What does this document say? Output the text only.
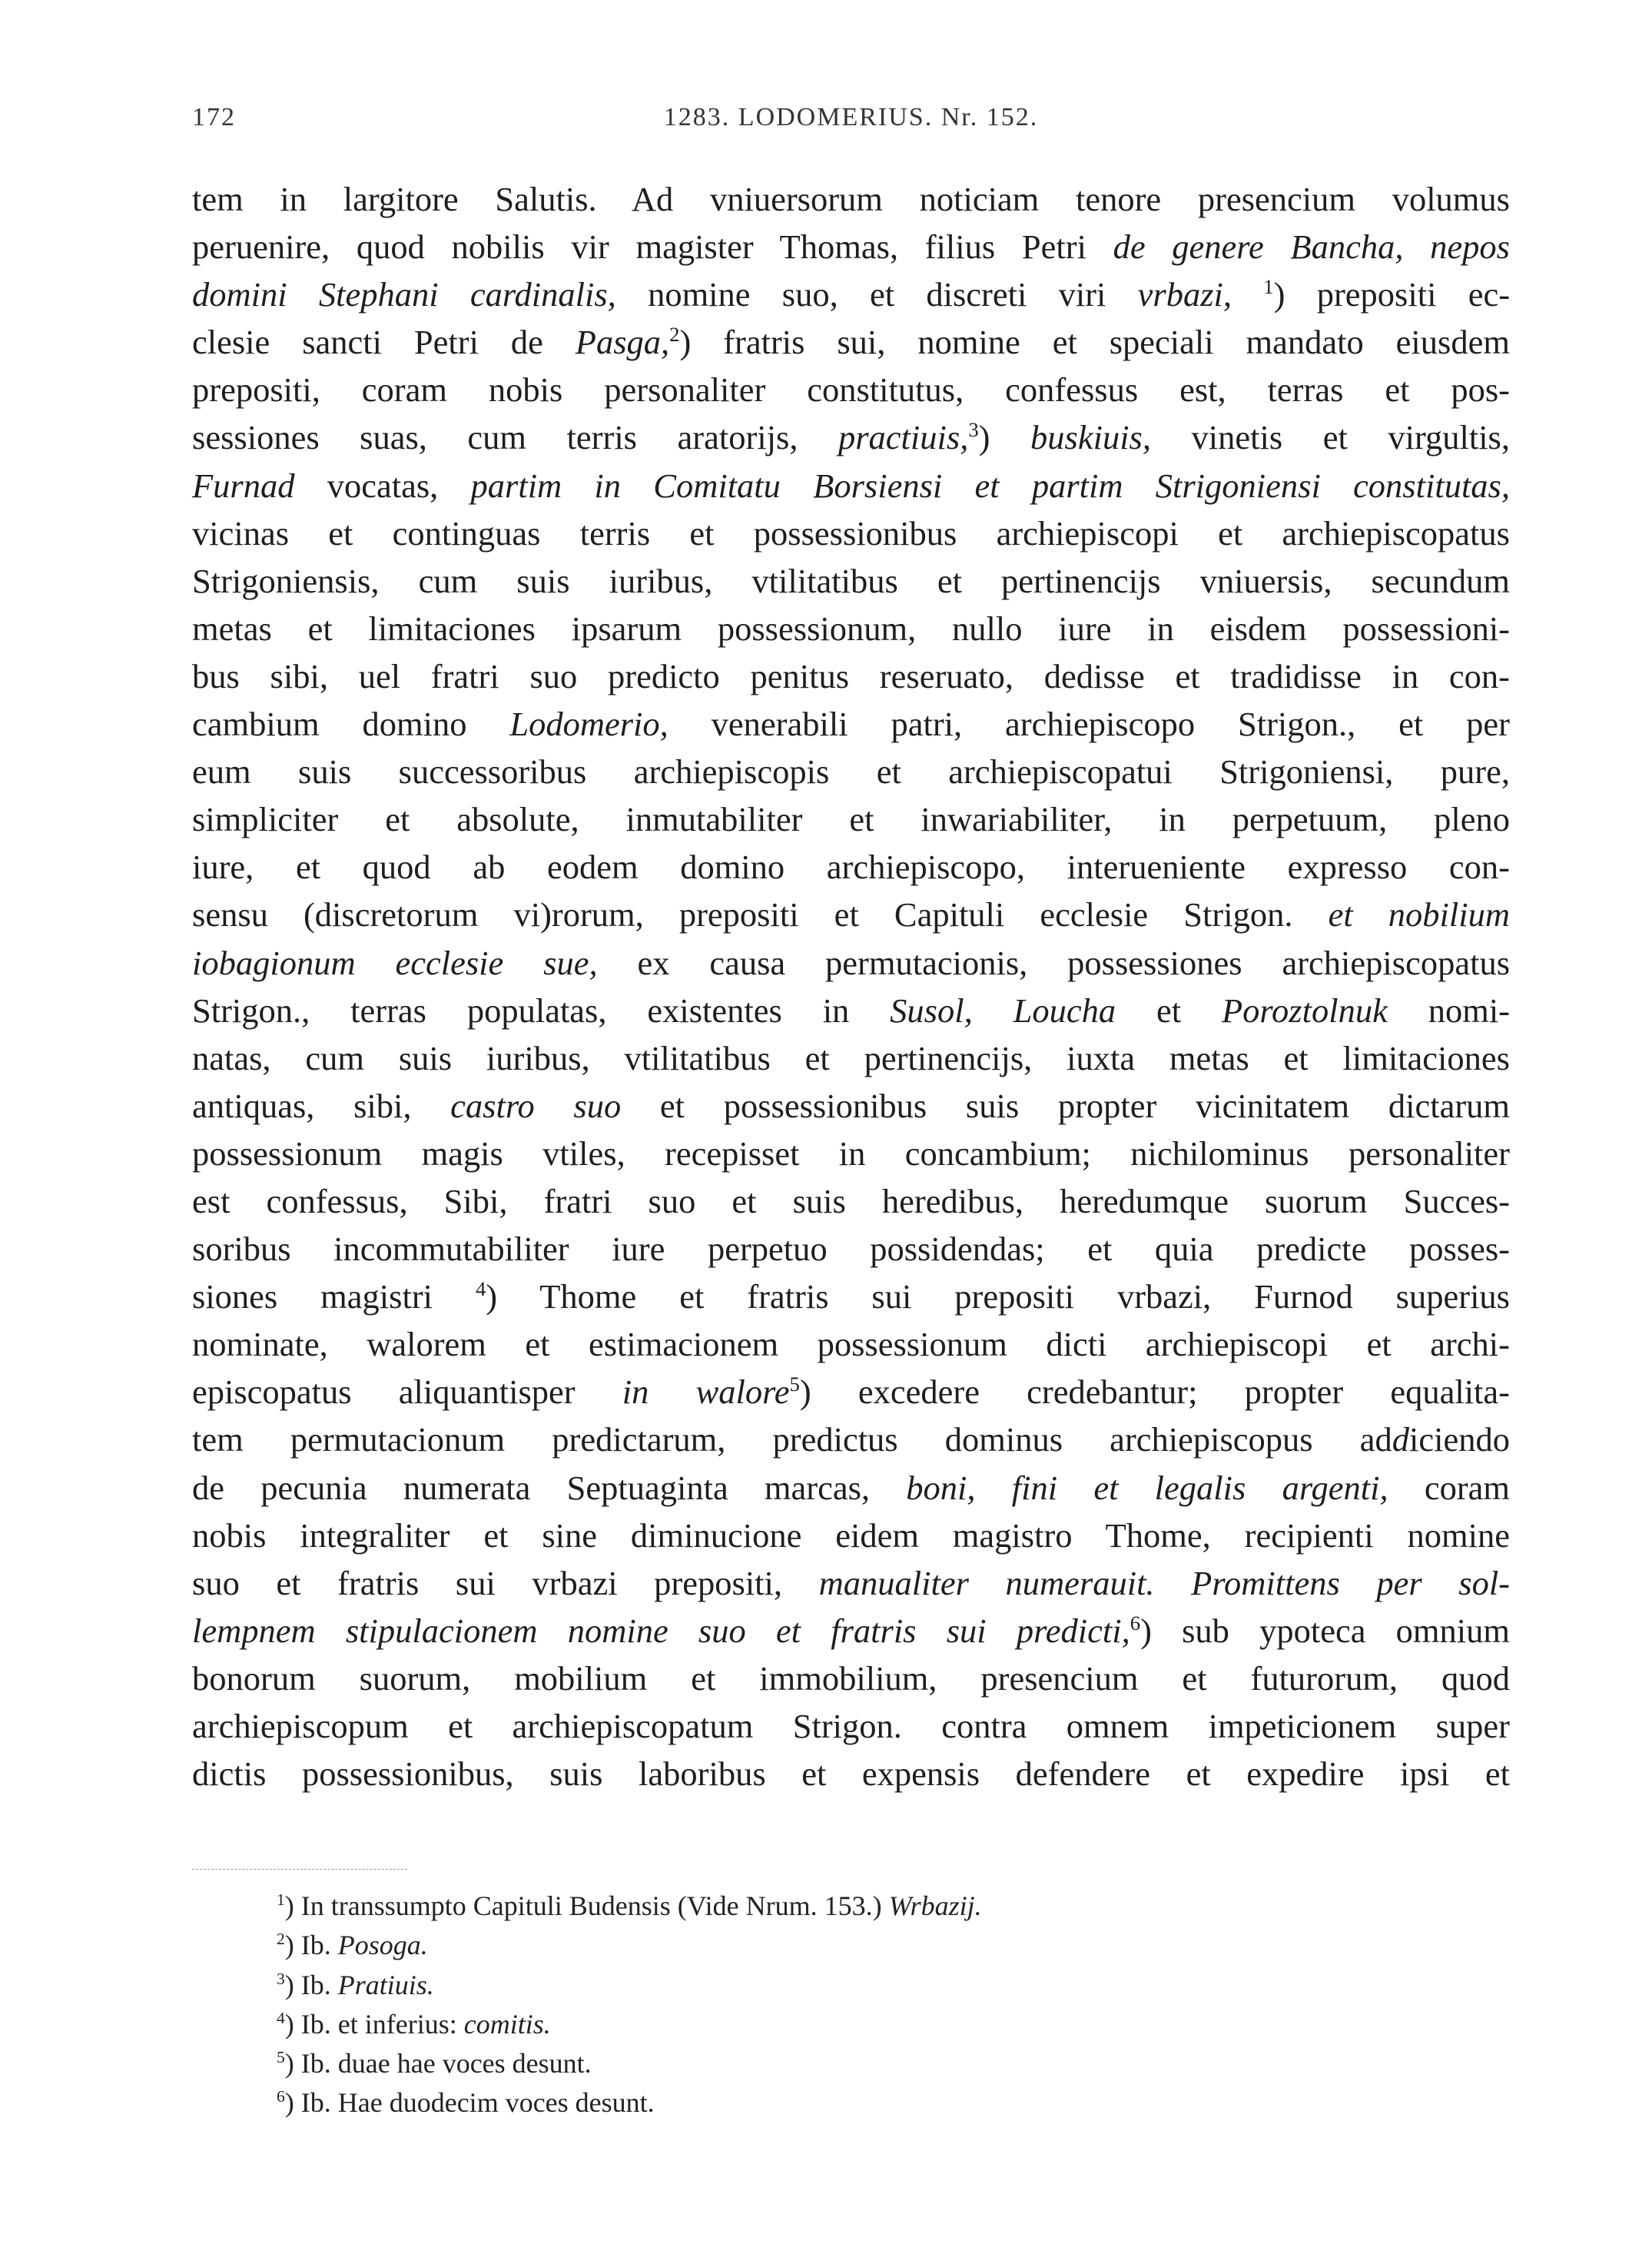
172	1283. LODOMERIUS. Nr. 152.
tem in largitore Salutis. Ad vniuersorum noticiam tenore presencium volumus
peruenire, quod nobilis vir magister Thomas, filius Petri de genere Bancha, nepos
domini Stephani cardinalis, nomine suo, et discreti viri vrbazi, $^1$) prepositi ec-
clesie sancti Petri de Pasga,$^2$) fratris sui, nomine et speciali mandato eiusdem
prepositi, coram nobis personaliter constitutus, confessus est, terras et pos-
sessiones suas, cum terris aratorijs, practiuis,$^3$) buskiuis, vinetis et virgultis,
Furnad vocatas, partim in Comitatu Borsiensi et partim Strigoniensi constitutas,
vicinas et continguas terris et possessionibus archiepiscopi et archiepiscopatus
Strigoniensis, cum suis iuribus, vtilitatibus et pertinencijs vniuersis, secundum
metas et limitaciones ipsarum possessionum, nullo iure in eisdem possessioni-
bus sibi, uel fratri suo predicto penitus reseruato, dedisse et tradidisse in con-
cambium domino Lodomerio, venerabili patri, archiepiscopo Strigon., et per
eum suis successoribus archiepiscopis et archiepiscopatui Strigoniensi, pure,
simpliciter et absolute, inmutabiliter et inwariabiliter, in perpetuum, pleno
iure, et quod ab eodem domino archiepiscopo, interueniente expresso con-
sensu (discretorum vi)rorum, prepositi et Capituli ecclesie Strigon. et nobilium
iobagionum ecclesie sue, ex causa permutacionis, possessiones archiepiscopatus
Strigon., terras populatas, existentes in Susol, Loucha et Poroztolnuk nomi-
natas, cum suis iuribus, vtilitatibus et pertinencijs, iuxta metas et limitaciones
antiquas, sibi, castro suo et possessionibus suis propter vicinitatem dictarum
possessionum magis vtiles, recepisset in concambium; nichilominus personaliter
est confessus, Sibi, fratri suo et suis heredibus, heredumque suorum Succes-
soribus incommutabiliter iure perpetuo possidendas; et quia predicte posses-
siones magistri $^4$) Thome et fratris sui prepositi vrbazi, Furnod superius
nominate, walorem et estimacionem possessionum dicti archiepiscopi et archi-
episcopatus aliquantisper in walore$^5$) excedere credebantur; propter equalita-
tem permutacionum predictarum, predictus dominus archiepiscopus addiciendo
de pecunia numerata Septuaginta marcas, boni, fini et legalis argenti, coram
nobis integraliter et sine diminucione eidem magistro Thome, recipienti nomine
suo et fratris sui vrbazi prepositi, manualiter numerauit. Promittens per sol-
lempnem stipulacionem nomine suo et fratris sui predicti,$^6$) sub ypoteca omnium
bonorum suorum, mobilium et immobilium, presencium et futurorum, quod
archiepiscopum et archiepiscopatum Strigon. contra omnem impeticionem super
dictis possessionibus, suis laboribus et expensis defendere et expedire ipsi et
$^1$) In transsumpto Capituli Budensis (Vide Nrum. 153.) Wrbazij.
$^2$) Ib. Posoga.
$^3$) Ib. Pratiuis.
$^4$) Ib. et inferius: comitis.
$^5$) Ib. duae hae voces desunt.
$^6$) Ib. Hae duodecim voces desunt.
